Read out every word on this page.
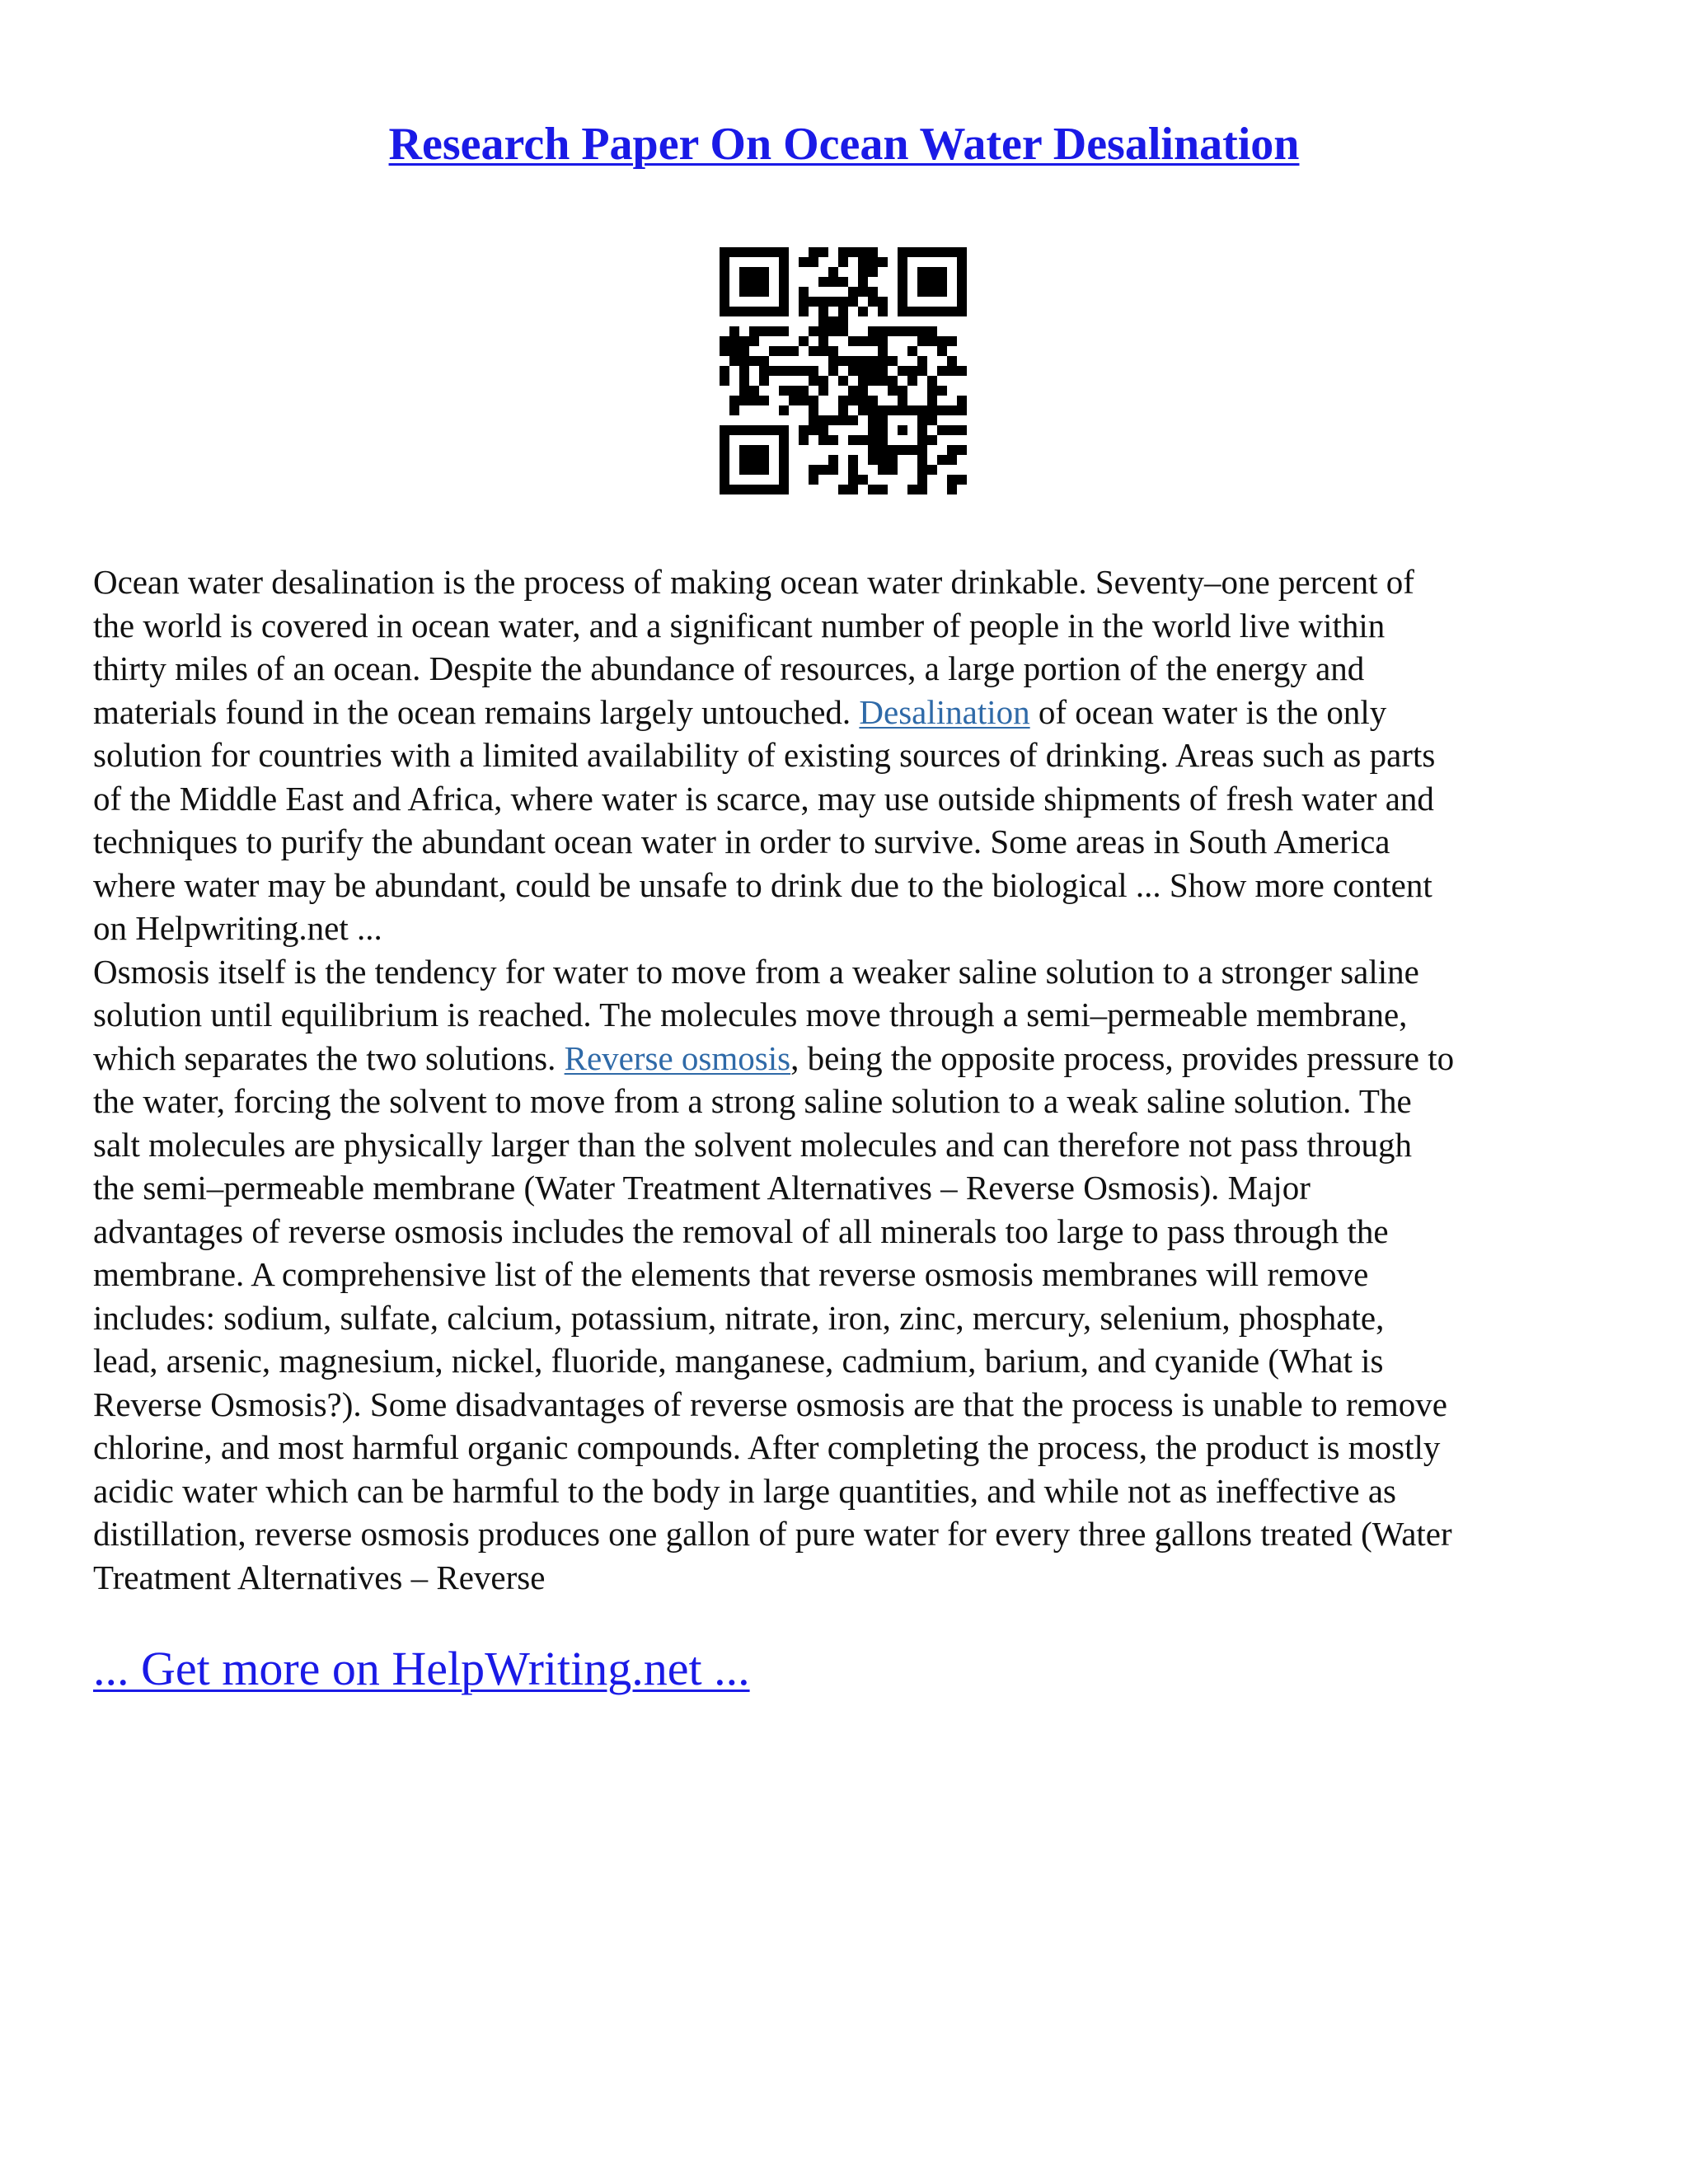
Research Paper On Ocean Water Desalination

Ocean water desalination is the process of making ocean water drinkable. Seventy–one percent of
the world is covered in ocean water, and a significant number of people in the world live within
thirty miles of an ocean. Despite the abundance of resources, a large portion of the energy and
materials found in the ocean remains largely untouched. Desalination of ocean water is the only
solution for countries with a limited availability of existing sources of drinking. Areas such as parts
of the Middle East and Africa, where water is scarce, may use outside shipments of fresh water and
techniques to purify the abundant ocean water in order to survive. Some areas in South America
where water may be abundant, could be unsafe to drink due to the biological ... Show more content
on Helpwriting.net ...

Osmosis itself is the tendency for water to move from a weaker saline solution to a stronger saline
solution until equilibrium is reached. The molecules move through a semi–permeable membrane,
which separates the two solutions. Reverse osmosis, being the opposite process, provides pressure to
the water, forcing the solvent to move from a strong saline solution to a weak saline solution. The
salt molecules are physically larger than the solvent molecules and can therefore not pass through
the semi–permeable membrane (Water Treatment Alternatives – Reverse Osmosis). Major
advantages of reverse osmosis includes the removal of all minerals too large to pass through the
membrane. A comprehensive list of the elements that reverse osmosis membranes will remove
includes: sodium, sulfate, calcium, potassium, nitrate, iron, zinc, mercury, selenium, phosphate,
lead, arsenic, magnesium, nickel, fluoride, manganese, cadmium, barium, and cyanide (What is
Reverse Osmosis?). Some disadvantages of reverse osmosis are that the process is unable to remove
chlorine, and most harmful organic compounds. After completing the process, the product is mostly
acidic water which can be harmful to the body in large quantities, and while not as ineffective as
distillation, reverse osmosis produces one gallon of pure water for every three gallons treated (Water
Treatment Alternatives – Reverse

... Get more on HelpWriting.net ...
